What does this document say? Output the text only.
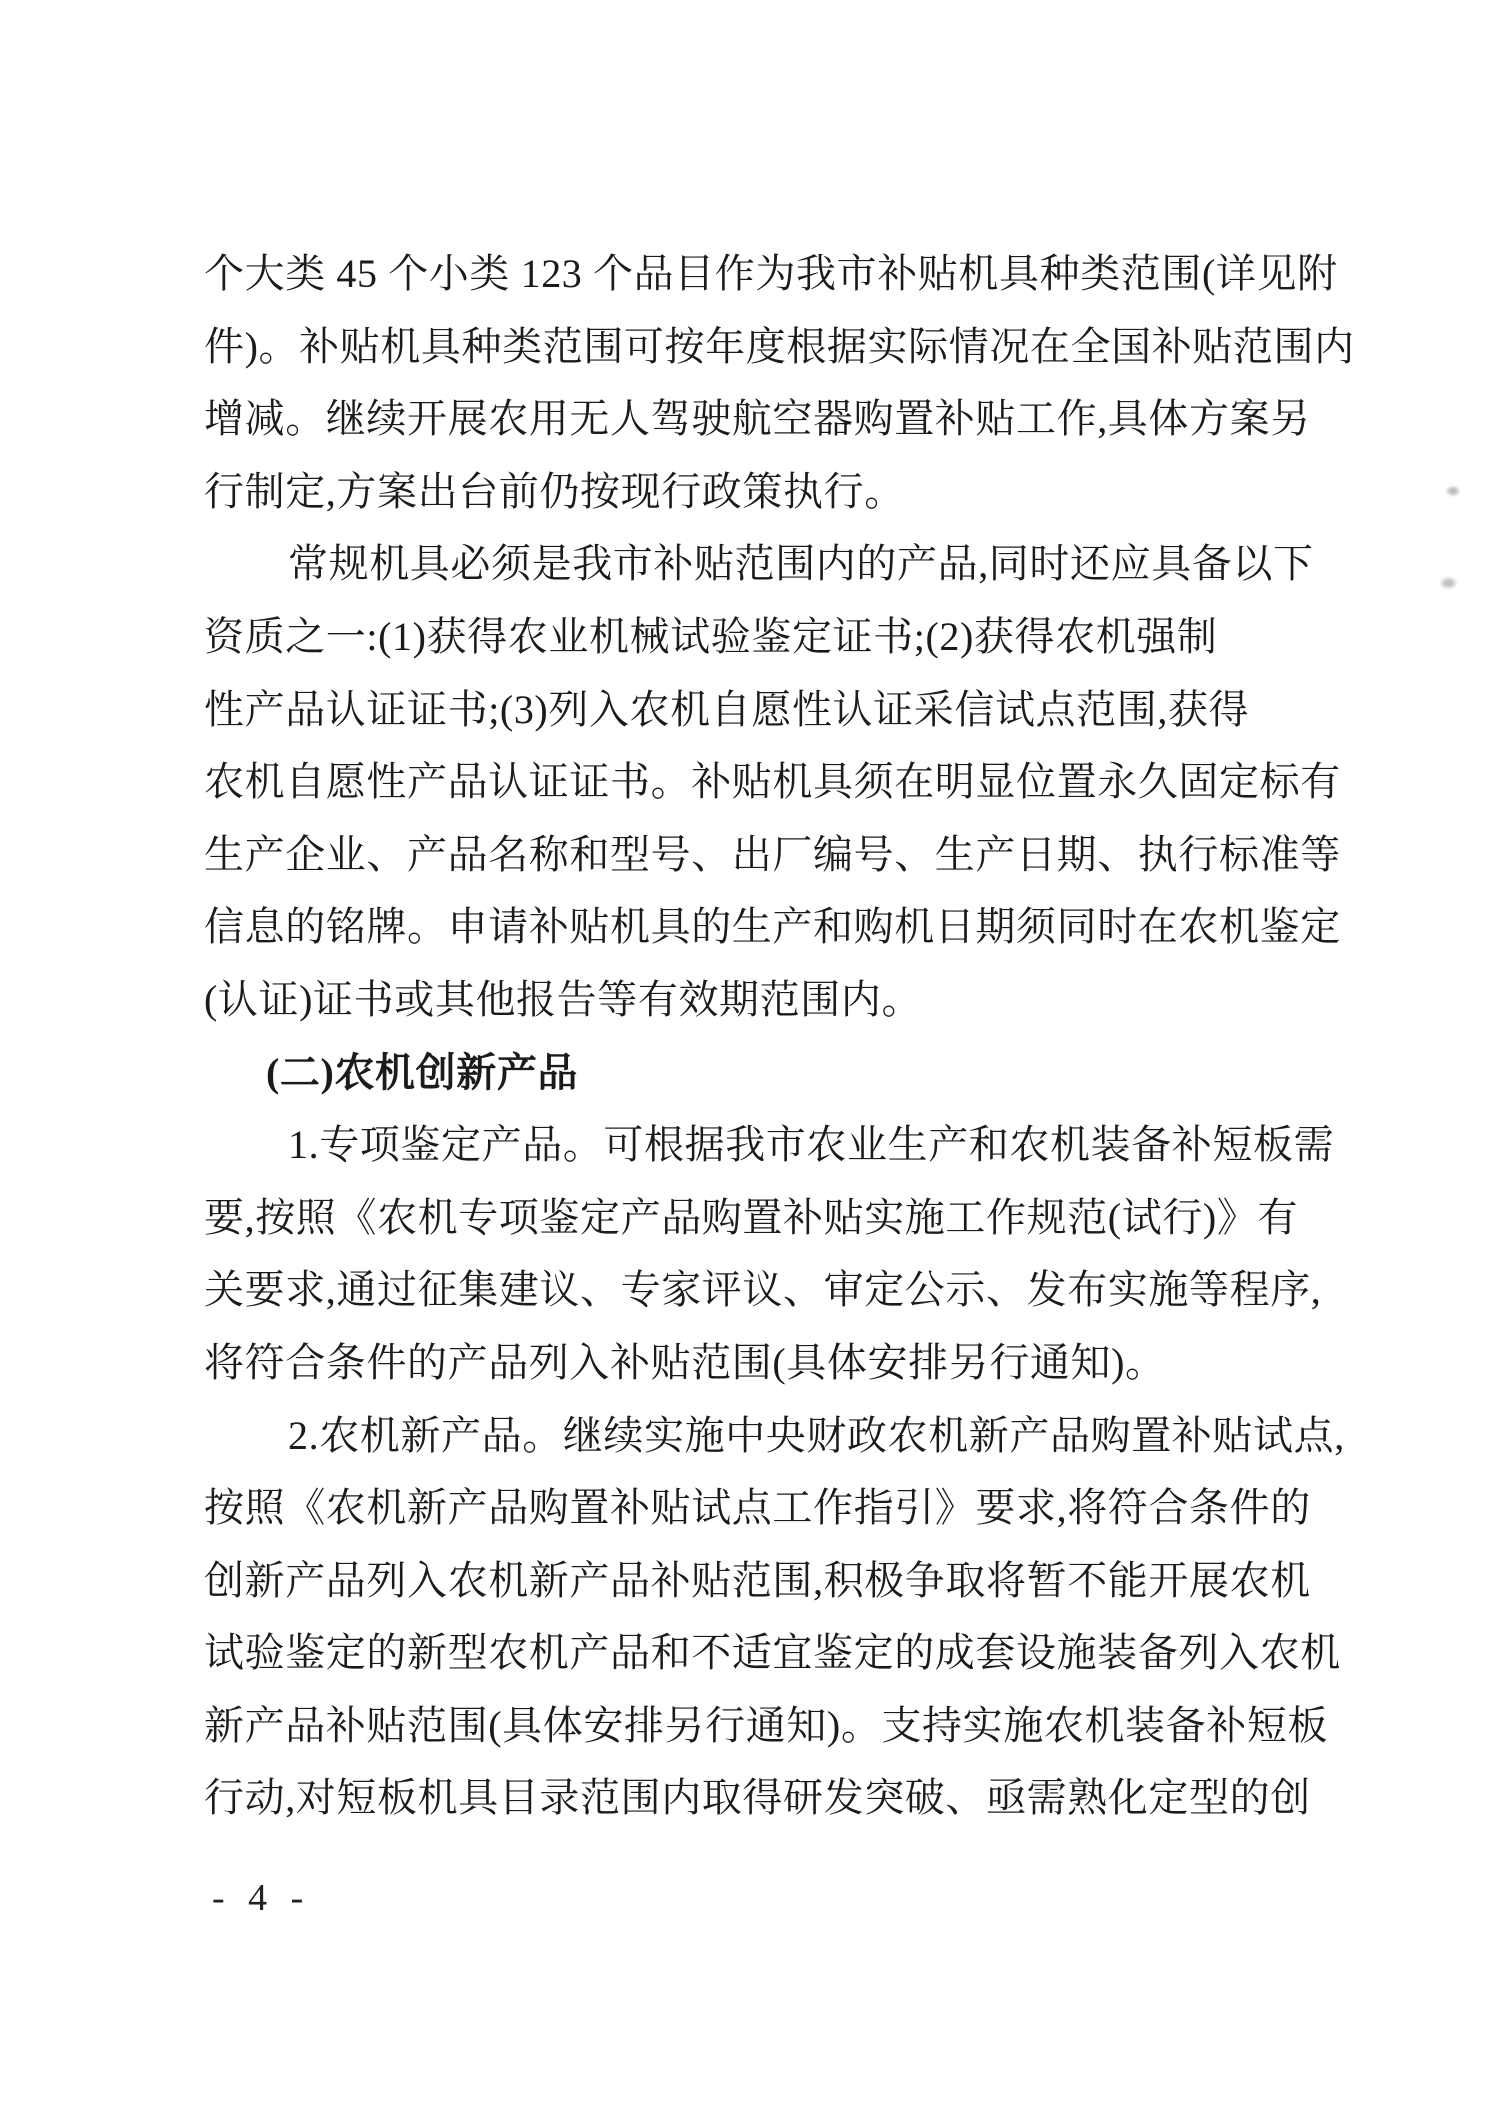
个大类 45 个小类 123 个品目作为我市补贴机具种类范围(详见附
件)。补贴机具种类范围可按年度根据实际情况在全国补贴范围内
增减。继续开展农用无人驾驶航空器购置补贴工作,具体方案另
行制定,方案出台前仍按现行政策执行。
常规机具必须是我市补贴范围内的产品,同时还应具备以下
资质之一:(1)获得农业机械试验鉴定证书;(2)获得农机强制
性产品认证证书;(3)列入农机自愿性认证采信试点范围,获得
农机自愿性产品认证证书。补贴机具须在明显位置永久固定标有
生产企业、产品名称和型号、出厂编号、生产日期、执行标准等
信息的铭牌。申请补贴机具的生产和购机日期须同时在农机鉴定
(认证)证书或其他报告等有效期范围内。
(二)农机创新产品
1.专项鉴定产品。可根据我市农业生产和农机装备补短板需
要,按照《农机专项鉴定产品购置补贴实施工作规范(试行)》有
关要求,通过征集建议、专家评议、审定公示、发布实施等程序,
将符合条件的产品列入补贴范围(具体安排另行通知)。
2.农机新产品。继续实施中央财政农机新产品购置补贴试点,
按照《农机新产品购置补贴试点工作指引》要求,将符合条件的
创新产品列入农机新产品补贴范围,积极争取将暂不能开展农机
试验鉴定的新型农机产品和不适宜鉴定的成套设施装备列入农机
新产品补贴范围(具体安排另行通知)。支持实施农机装备补短板
行动,对短板机具目录范围内取得研发突破、亟需熟化定型的创
- 4 -
